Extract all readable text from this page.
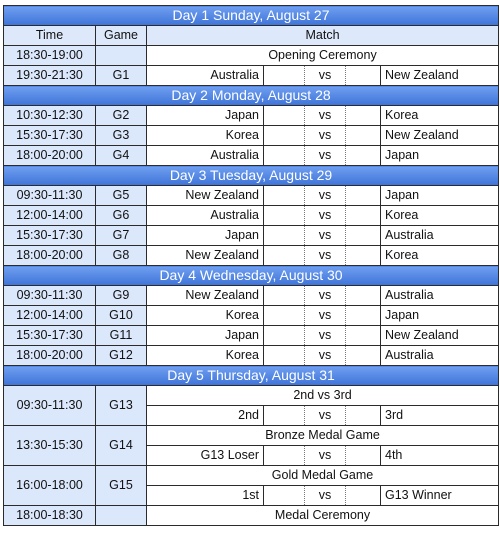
Day 1 Sunday, August 27						
Time	Game	Match				
18:30-19:00		Opening Ceremony				
19:30-21:30	G1	Australia		vs		New Zealand
Day 2 Monday, August 28						
10:30-12:30	G2	Japan		vs		Korea
15:30-17:30	G3	Korea		vs		New Zealand
18:00-20:00	G4	Australia		vs		Japan
Day 3 Tuesday, August 29						
09:30-11:30	G5	New Zealand		vs		Japan
12:00-14:00	G6	Australia		vs		Korea
15:30-17:30	G7	Japan		vs		Australia
18:00-20:00	G8	New Zealand		vs		Korea
Day 4 Wednesday, August 30						
09:30-11:30	G9	New Zealand		vs		Australia
12:00-14:00	G10	Korea		vs		Japan
15:30-17:30	G11	Japan		vs		New Zealand
18:00-20:00	G12	Korea		vs		Australia
Day 5 Thursday, August 31						
09:30-11:30	G13	2nd vs 3rd				
		2nd		vs		3rd
13:30-15:30	G14	Bronze Medal Game				
		G13 Loser		vs		4th
16:00-18:00	G15	Gold Medal Game				
		1st		vs		G13 Winner
18:00-18:30		Medal Ceremony				
